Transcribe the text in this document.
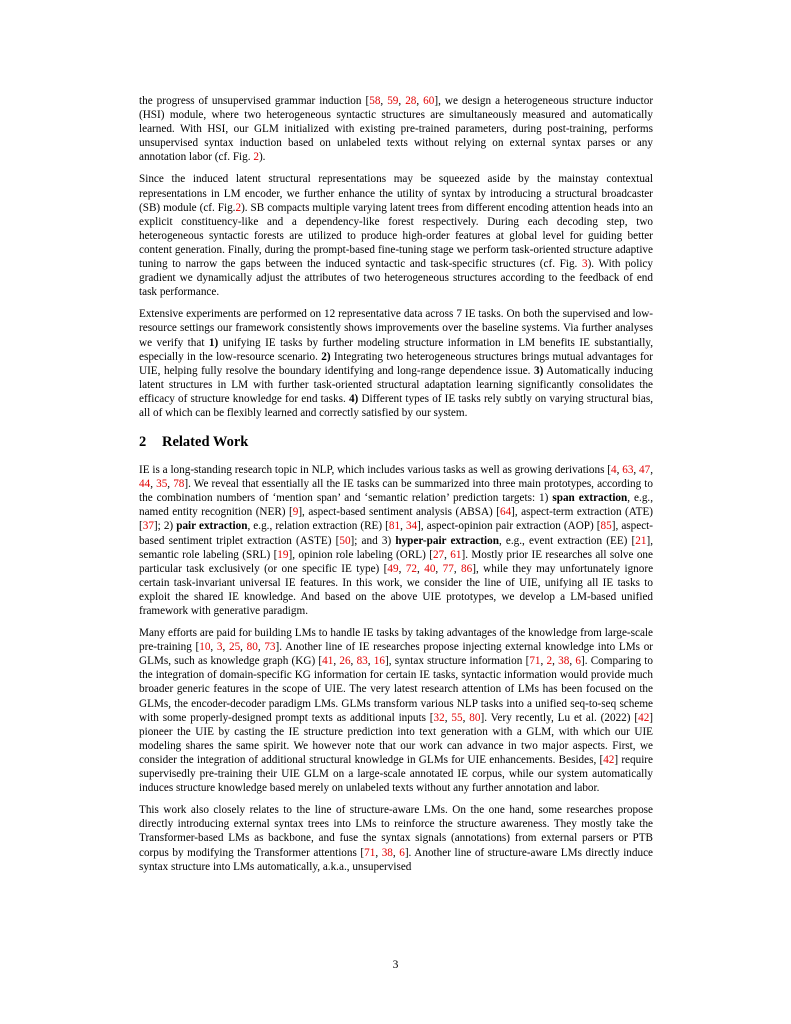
the progress of unsupervised grammar induction [58, 59, 28, 60], we design a heterogeneous structure inductor (HSI) module, where two heterogeneous syntactic structures are simultaneously measured and automatically learned. With HSI, our GLM initialized with existing pre-trained parameters, during post-training, performs unsupervised syntax induction based on unlabeled texts without relying on external syntax parses or any annotation labor (cf. Fig. 2).

Since the induced latent structural representations may be squeezed aside by the mainstay contextual representations in LM encoder, we further enhance the utility of syntax by introducing a structural broadcaster (SB) module (cf. Fig.2). SB compacts multiple varying latent trees from different encoding attention heads into an explicit constituency-like and a dependency-like forest respectively. During each decoding step, two heterogeneous syntactic forests are utilized to produce high-order features at global level for guiding better content generation. Finally, during the prompt-based fine-tuning stage we perform task-oriented structure adaptive tuning to narrow the gaps between the induced syntactic and task-specific structures (cf. Fig. 3). With policy gradient we dynamically adjust the attributes of two heterogeneous structures according to the feedback of end task performance.

Extensive experiments are performed on 12 representative data across 7 IE tasks. On both the supervised and low-resource settings our framework consistently shows improvements over the baseline systems. Via further analyses we verify that 1) unifying IE tasks by further modeling structure information in LM benefits IE substantially, especially in the low-resource scenario. 2) Integrating two heterogeneous structures brings mutual advantages for UIE, helping fully resolve the boundary identifying and long-range dependence issue. 3) Automatically inducing latent structures in LM with further task-oriented structural adaptation learning significantly consolidates the efficacy of structure knowledge for end tasks. 4) Different types of IE tasks rely subtly on varying structural bias, all of which can be flexibly learned and correctly satisfied by our system.

2 Related Work

IE is a long-standing research topic in NLP, which includes various tasks as well as growing derivations [4, 63, 47, 44, 35, 78]. We reveal that essentially all the IE tasks can be summarized into three main prototypes, according to the combination numbers of ‘mention span’ and ‘semantic relation’ prediction targets: 1) span extraction, e.g., named entity recognition (NER) [9], aspect-based sentiment analysis (ABSA) [64], aspect-term extraction (ATE) [37]; 2) pair extraction, e.g., relation extraction (RE) [81, 34], aspect-opinion pair extraction (AOP) [85], aspect-based sentiment triplet extraction (ASTE) [50]; and 3) hyper-pair extraction, e.g., event extraction (EE) [21], semantic role labeling (SRL) [19], opinion role labeling (ORL) [27, 61]. Mostly prior IE researches all solve one particular task exclusively (or one specific IE type) [49, 72, 40, 77, 86], while they may unfortunately ignore certain task-invariant universal IE features. In this work, we consider the line of UIE, unifying all IE tasks to exploit the shared IE knowledge. And based on the above UIE prototypes, we develop a LM-based unified framework with generative paradigm.

Many efforts are paid for building LMs to handle IE tasks by taking advantages of the knowledge from large-scale pre-training [10, 3, 25, 80, 73]. Another line of IE researches propose injecting external knowledge into LMs or GLMs, such as knowledge graph (KG) [41, 26, 83, 16], syntax structure information [71, 2, 38, 6]. Comparing to the integration of domain-specific KG information for certain IE tasks, syntactic information would provide much broader generic features in the scope of UIE. The very latest research attention of LMs has been focused on the GLMs, the encoder-decoder paradigm LMs. GLMs transform various NLP tasks into a unified seq-to-seq scheme with some properly-designed prompt texts as additional inputs [32, 55, 80]. Very recently, Lu et al. (2022) [42] pioneer the UIE by casting the IE structure prediction into text generation with a GLM, with which our UIE modeling shares the same spirit. We however note that our work can advance in two major aspects. First, we consider the integration of additional structural knowledge in GLMs for UIE enhancements. Besides, [42] require supervisedly pre-training their UIE GLM on a large-scale annotated IE corpus, while our system automatically induces structure knowledge based merely on unlabeled texts without any further annotation and labor.

This work also closely relates to the line of structure-aware LMs. On the one hand, some researches propose directly introducing external syntax trees into LMs to reinforce the structure awareness. They mostly take the Transformer-based LMs as backbone, and fuse the syntax signals (annotations) from external parsers or PTB corpus by modifying the Transformer attentions [71, 38, 6]. Another line of structure-aware LMs directly induce syntax structure into LMs automatically, a.k.a., unsupervised

3
